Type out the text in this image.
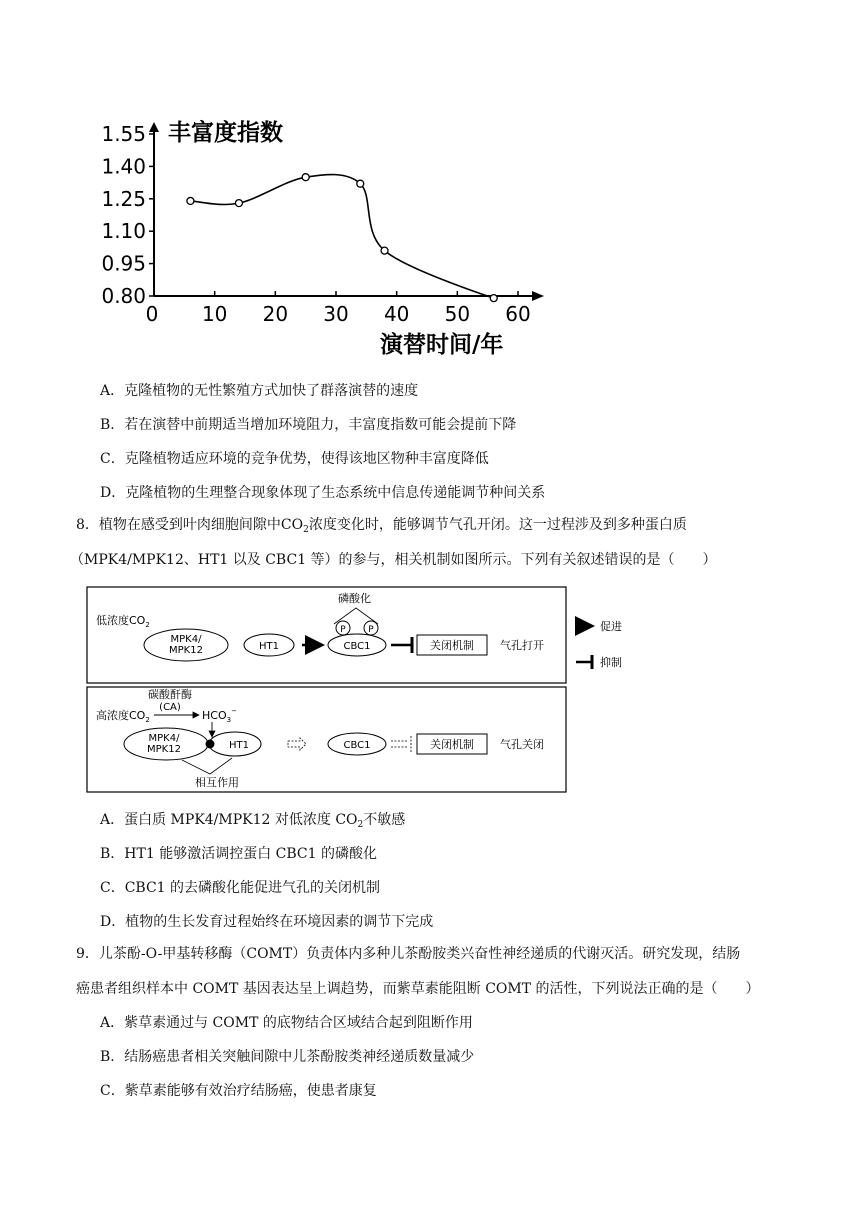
1.55
1.40
1.25
1.10
0.95
0.80
0 10 20 30 40 50 60
丰富度指数
演替时间/年
A．克隆植物的无性繁殖方式加快了群落演替的速度
B．若在演替中前期适当增加环境阻力，丰富度指数可能会提前下降
C．克隆植物适应环境的竞争优势，使得该地区物种丰富度降低
D．克隆植物的生理整合现象体现了生态系统中信息传递能调节种间关系
8．植物在感受到叶肉细胞间隙中$CO_2$浓度变化时，能够调节气孔开闭。这一过程涉及到多种蛋白质
（MPK4/MPK12、HT1 以及 CBC1 等）的参与，相关机制如图所示。下列有关叙述错误的是（　　）
低浓度$CO_2$
磷酸化
P	P
MPK4/
MPK12	HT1	CBC1	关闭机制 气孔打开
促进
抑制
碳酸酐酶
(CA)
高浓度$CO_2$	$HCO_3^-$
MPK4/
MPK12	HT1
相互作用
CBC1	关闭机制 气孔关闭
A．蛋白质 MPK4/MPK12 对低浓度 $CO_2$不敏感
B．HT1 能够激活调控蛋白 CBC1 的磷酸化
C．CBC1 的去磷酸化能促进气孔的关闭机制
D．植物的生长发育过程始终在环境因素的调节下完成
9．儿茶酚-O-甲基转移酶（COMT）负责体内多种儿茶酚胺类兴奋性神经递质的代谢灭活。研究发现，结肠
癌患者组织样本中 COMT 基因表达呈上调趋势，而紫草素能阻断 COMT 的活性，下列说法正确的是（　　）
A．紫草素通过与 COMT 的底物结合区域结合起到阻断作用
B．结肠癌患者相关突触间隙中儿茶酚胺类神经递质数量减少
C．紫草素能够有效治疗结肠癌，使患者康复
